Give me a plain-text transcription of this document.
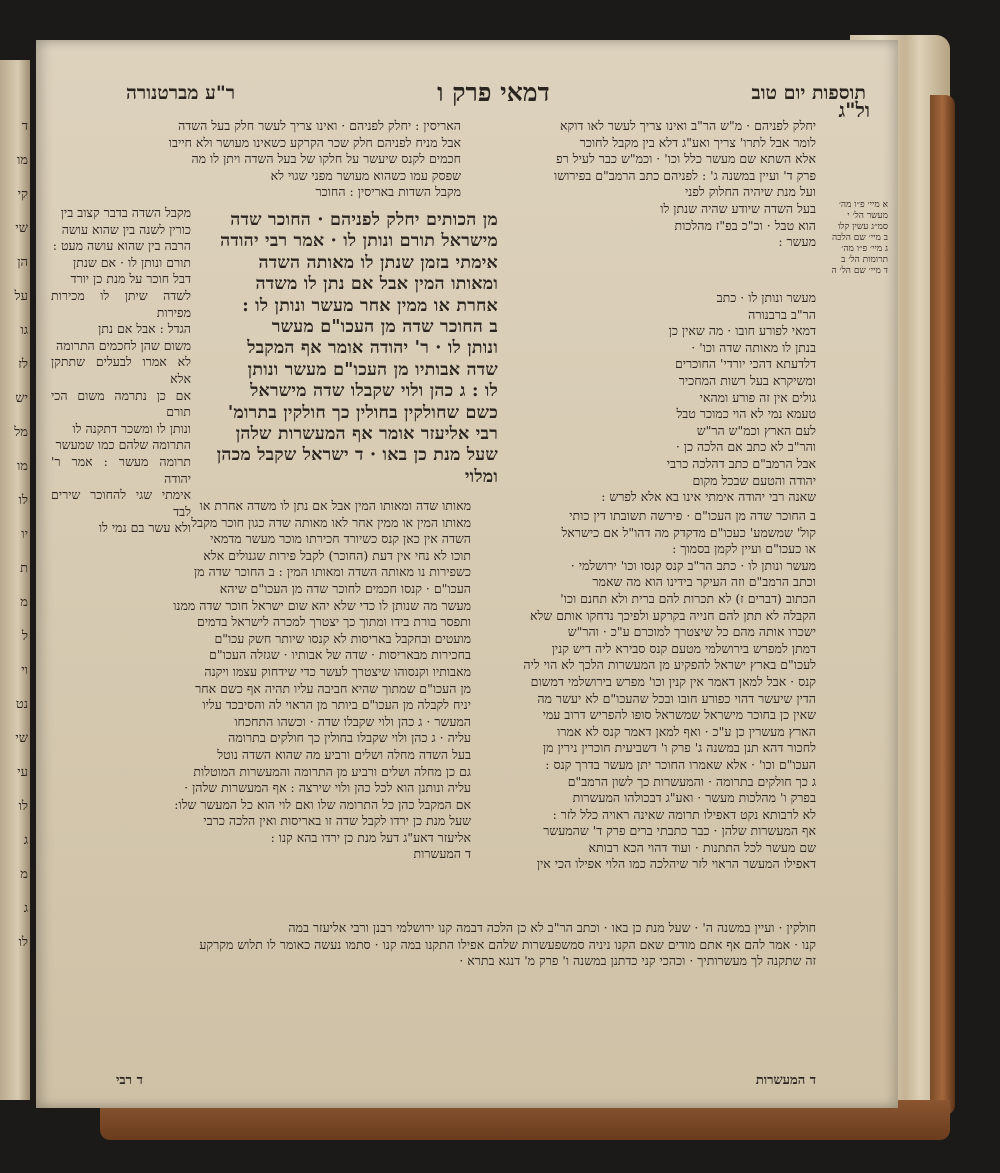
ד
מו
קי
שי
הן
על
גו
לז
יש
מל
מו
לו
יו
ת
מ
ל
וי
נט
שי
עי
לו
ג
מ
ג
לו
תוספות יום טוב
דמאי פרק ו
ר"ע מברטנורה
ול"ג

יחלק לפניהם · מ"ש הר"ב ואינו צריך לעשר לאו דוקא

לומר אבל לתרו' צריך ואע"ג דלא בין מקבל לחוכר

אלא השתא שם מעשר כלל וכו' · וכמ"ש כבר לעיל רפ

פרק ד' ועיין במשנה ג' : לפניהם כתב הרמב"ם בפירושו

ועל מנת שיהיה החלוק לפני

בעל השדה שיודע שהיה שנתן לו

הוא טבל · וכ"כ בפ"ז מהלכות

מעשר :

א מיי׳ פ״ו מה׳
מעשר הל׳ י
סמ״ג עשין קלו
ב מיי׳ שם הלכה
ג מיי׳ פ״ו מה׳
תרומות הל׳ ב
ד מיי׳ שם הל׳ ה

האריסין : יחלק לפניהם · ואינו צריך לעשר חלק בעל השדה

אבל מניח לפניהם חלק שכר הקרקע כשאינו מעושר ולא חייבו

חכמים לקנס שיעשר על חלקו של בעל השדה ויתן לו מה

שפסק עמו כשהוא מעושר מפני שגוי לא

מקבל השדות באריסין : החוכר

מקבל השדה בדבר קצוב בין

כורין לשנה בין שהוא עושה

הרבה בין שהוא עושה מעט :

תורם ונותן לו · אם שנתן

דבל חוכר על מנת כן יורד

לשדה שיתן לו מכירות מפירות

הגדל : אבל אם נתן

משום שהן לחכמים התרומה

לא אמרו לבעלים שתתקן אלא

אם כן נתרמה משום הכי תורם

ונותן לו ומשכר דתקנה לו

התרומה שלהם כמו שמעשר

תרומה מעשר : אמר ר' יהודה

אימתי שגי להחוכר שירים לבד

ולא עשר בם נמי לו

מן הכותים יחלק לפניהם · החוכר שדה

מישראל תורם ונותן לו · אמר רבי יהודה

אימתי בזמן שנתן לו מאותה השדה

ומאותו המין אבל אם נתן לו משדה

אחרת או ממין אחר מעשר ונותן לו :

ב החוכר שדה מן העכו"ם מעשר

ונותן לו · ר' יהודה אומר אף המקבל

שדה אבותיו מן העכו"ם מעשר ונותן

לו : ג כהן ולוי שקבלו שדה מישראל

כשם שחולקין בחולין כך חולקין בתרומ'

רבי אליעזר אומר אף המעשרות שלהן

שעל מנת כן באו · ד ישראל שקבל מכהן

ומלוי

מעשר ונותן לו · כתב

הר"ב ברבנורה

דמאי לפורע חובו · מה שאין כן

בנתן לו מאותה שדה וכו' ·

דלדעתא דהכי יורדי' החוכרים

ומשיקרא בעל רשות המחכיר

גולים אין זה פורע ומהאי

טעמא נמי לא הוי כמוכר טבל

לעם הארץ וכמ"ש הר"ש

והר"ב לא כתב אם הלכה כן ·

אבל הרמב"ם כתב דהלכה כרבי

יהודה והטעם שבכל מקום

שאנה רבי יהודה אימתי אינו בא אלא לפרש :

מאותו שדה ומאותו המין אבל אם נתן לו משדה אחרת או

מאותו המין או ממין אחר לאו מאותה שדה כגון חוכר מקבל

השדה אין כאן קנס כשיורד חכירתו מוכר מעשר מדמאי

תוכו לא נחי אין דעת (החוכר) לקבל פירות שגנולים אלא

כשפירות נו מאותה השדה ומאותו המין : ב החוכר שדה מן

העכו"ם · קנסו חכמים לחוכר שדה מן העכו"ם שיהא

מעשר מה שנותן לו כדי שלא יהא שום ישראל חוכר שדה ממנו

ותפסר בורת בידו ומתוך כך יצטרך למכרה לישראל בדמים

מועטים ובחקבל באריסות לא קנסו שיותר חשק עכו"ם

בחכירות מבאריסות · שדה של אבותיו · שגזלה העכו"ם

מאבותיו וקנסוהו שיצטרך לעשר כדי שידחוק עצמו ויקנה

מן העכו"ם שמתוך שהיא חביבה עליו תהיה אף כשם אחר

יניח לקבלה מן העכו"ם ביותר מן הראוי לה והסיבכד עליו

המעשר · ג כהן ולוי שקבלו שדה · וכשהו התחכחו

עליה · ג כהן ולוי שקבלו בחולין כך חולקים בתרומה

בעל השדה מחלה ושלים ורביע מה שהוא השדה נוטל

גם כן מחלה ושלים ורביע מן התרומה והמעשרות המוטלות

עליה ונותנן הוא לכל כהן ולוי שירצה : אף המעשרות שלהן ·

אם המקבל כהן כל התרומה שלו ואם לוי הוא כל המעשר שלו:

שעל מנת כן ירדו לקבל שדה זו באריסות ואין הלכה כרבי

אליעזר דאע"ג דעל מנת כן ירדו בהא קנו :

ד המעשרות

ב החוכר שדה מן העכו"ם · פירשה תשובתו דין כותי

קול' שמשמע' כעכו"ם מדקדק מה דהו"ל אם כישראל

או כעכו"ם ועיין לקמן בסמוך :

מעשר ונותן לו · כתב הר"ב קנס קנסו וכו' ירושלמי ·

וכתב הרמב"ם וזה העיקר בידינו הוא מה שאמר

הכתוב (דברים ז) לא תכרות להם ברית ולא תחנם וכו'

הקבלה לא תתן להם חנייה בקרקע ולפיכך נדחקו אותם שלא

ישכרו אותה מהם כל שיצטרך למוכרם ע"כ · והר"ש

דמתן למפרש בירושלמי מטעם קנס סבירא ליה דיש קנין

לעכו"ם בארץ ישראל להפקיע מן המעשרות הלכך לא הוי ליה

קנס · אבל למאן דאמר אין קנין וכו' מפרש בירושלמי דמשום

הדין שיעשר דהוי כפורע חובו ובכל שהעכו"ם לא יעשר מה

שאין כן בחוכר מישראל שמשראל סופו להפריש דרוב עמי

הארץ מעשרין כן ע"כ · ואף למאן דאמר קנס לא אמרו

לחכור דהא תנן במשנה ג' פרק ו' דשביעית חוכרין נירין מן

העכו"ם וכו' · אלא שאמרו החוכר יתן מעשר בדרך קנס :

ג כך חולקים בתרומה · והמעשרות כך לשון הרמב"ם

בפרק ו' מהלכות מעשר · ואע"ג דבכולהו המעשרות

לא לרבותא נקט דאפילו תרומה שאינה ראויה כלל לזר :

אף המעשרות שלהן · כבר כתבתי ברים פרק ד' שהמעשר

שם מעשר לכל התתנות · ועוד דהוי הכא רבותא

דאפילו המעשר הראוי לזר שיהלכה כמו הלוי אפילו הכי אין

חולקין · ועיין במשנה ה' · שעל מנת כן באו · וכתב הר"ב לא כן הלכה דבמה קנו ירושלמי רבנן ורבי אליעזר במה

קנו · אמר להם אף אתם מודים שאם הקנו ניניה סמשפעשרות שלהם אפילו התקנו במה קנו · סתמו נעשה כאומר לו תלוש מקרקע

זה שתקנה לך מעשרותיך · וכהכי קני כדתנן במשנה ו' פרק מ' דנגא בתרא ·

ד המעשרות
ד רבי
